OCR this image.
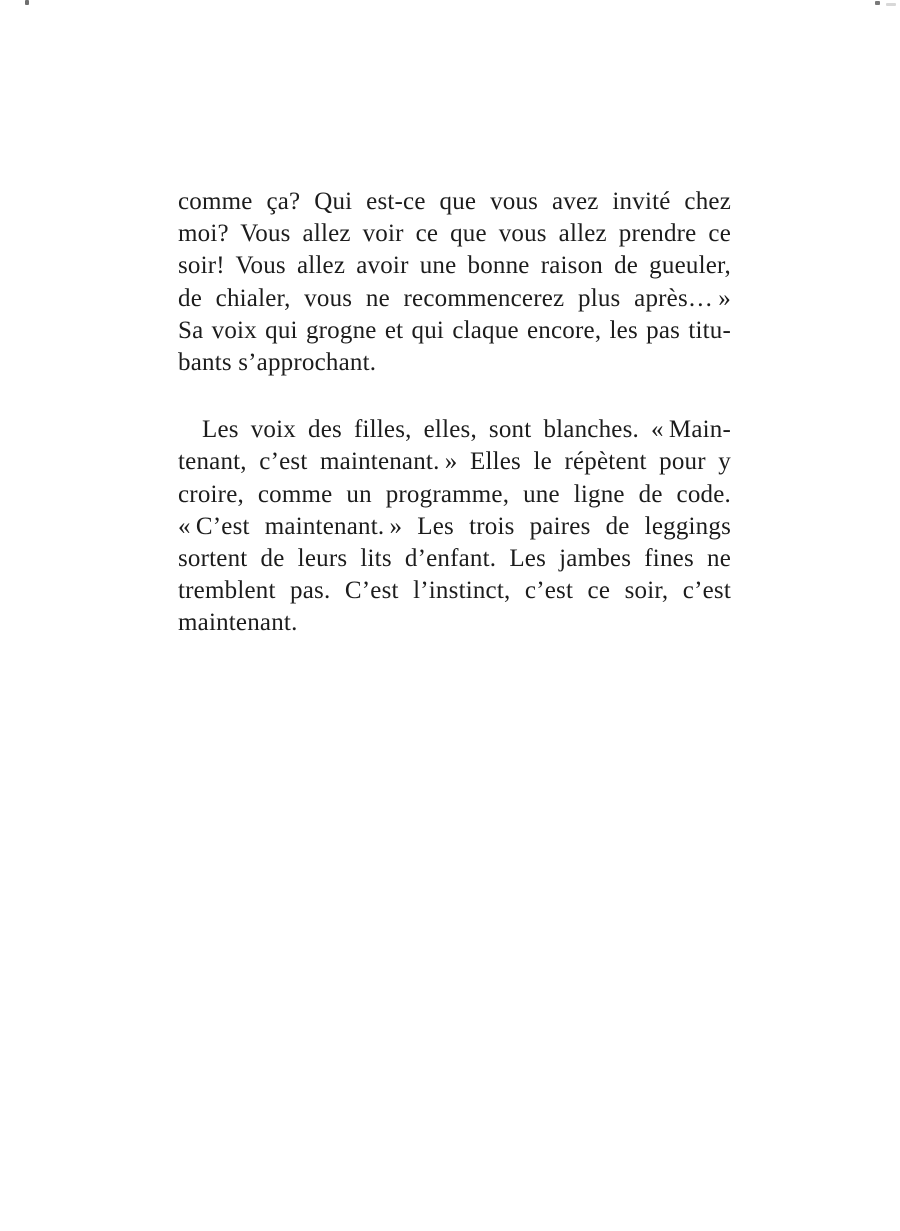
comme ça? Qui est-ce que vous avez invité chez
moi? Vous allez voir ce que vous allez prendre ce
soir! Vous allez avoir une bonne raison de gueuler,
de chialer, vous ne recommencerez plus après… »
Sa voix qui grogne et qui claque encore, les pas titu-
bants s’approchant.
Les voix des filles, elles, sont blanches. « Main-
tenant, c’est maintenant. » Elles le répètent pour y
croire, comme un programme, une ligne de code.
« C’est maintenant. » Les trois paires de leggings
sortent de leurs lits d’enfant. Les jambes fines ne
tremblent pas. C’est l’instinct, c’est ce soir, c’est
maintenant.
